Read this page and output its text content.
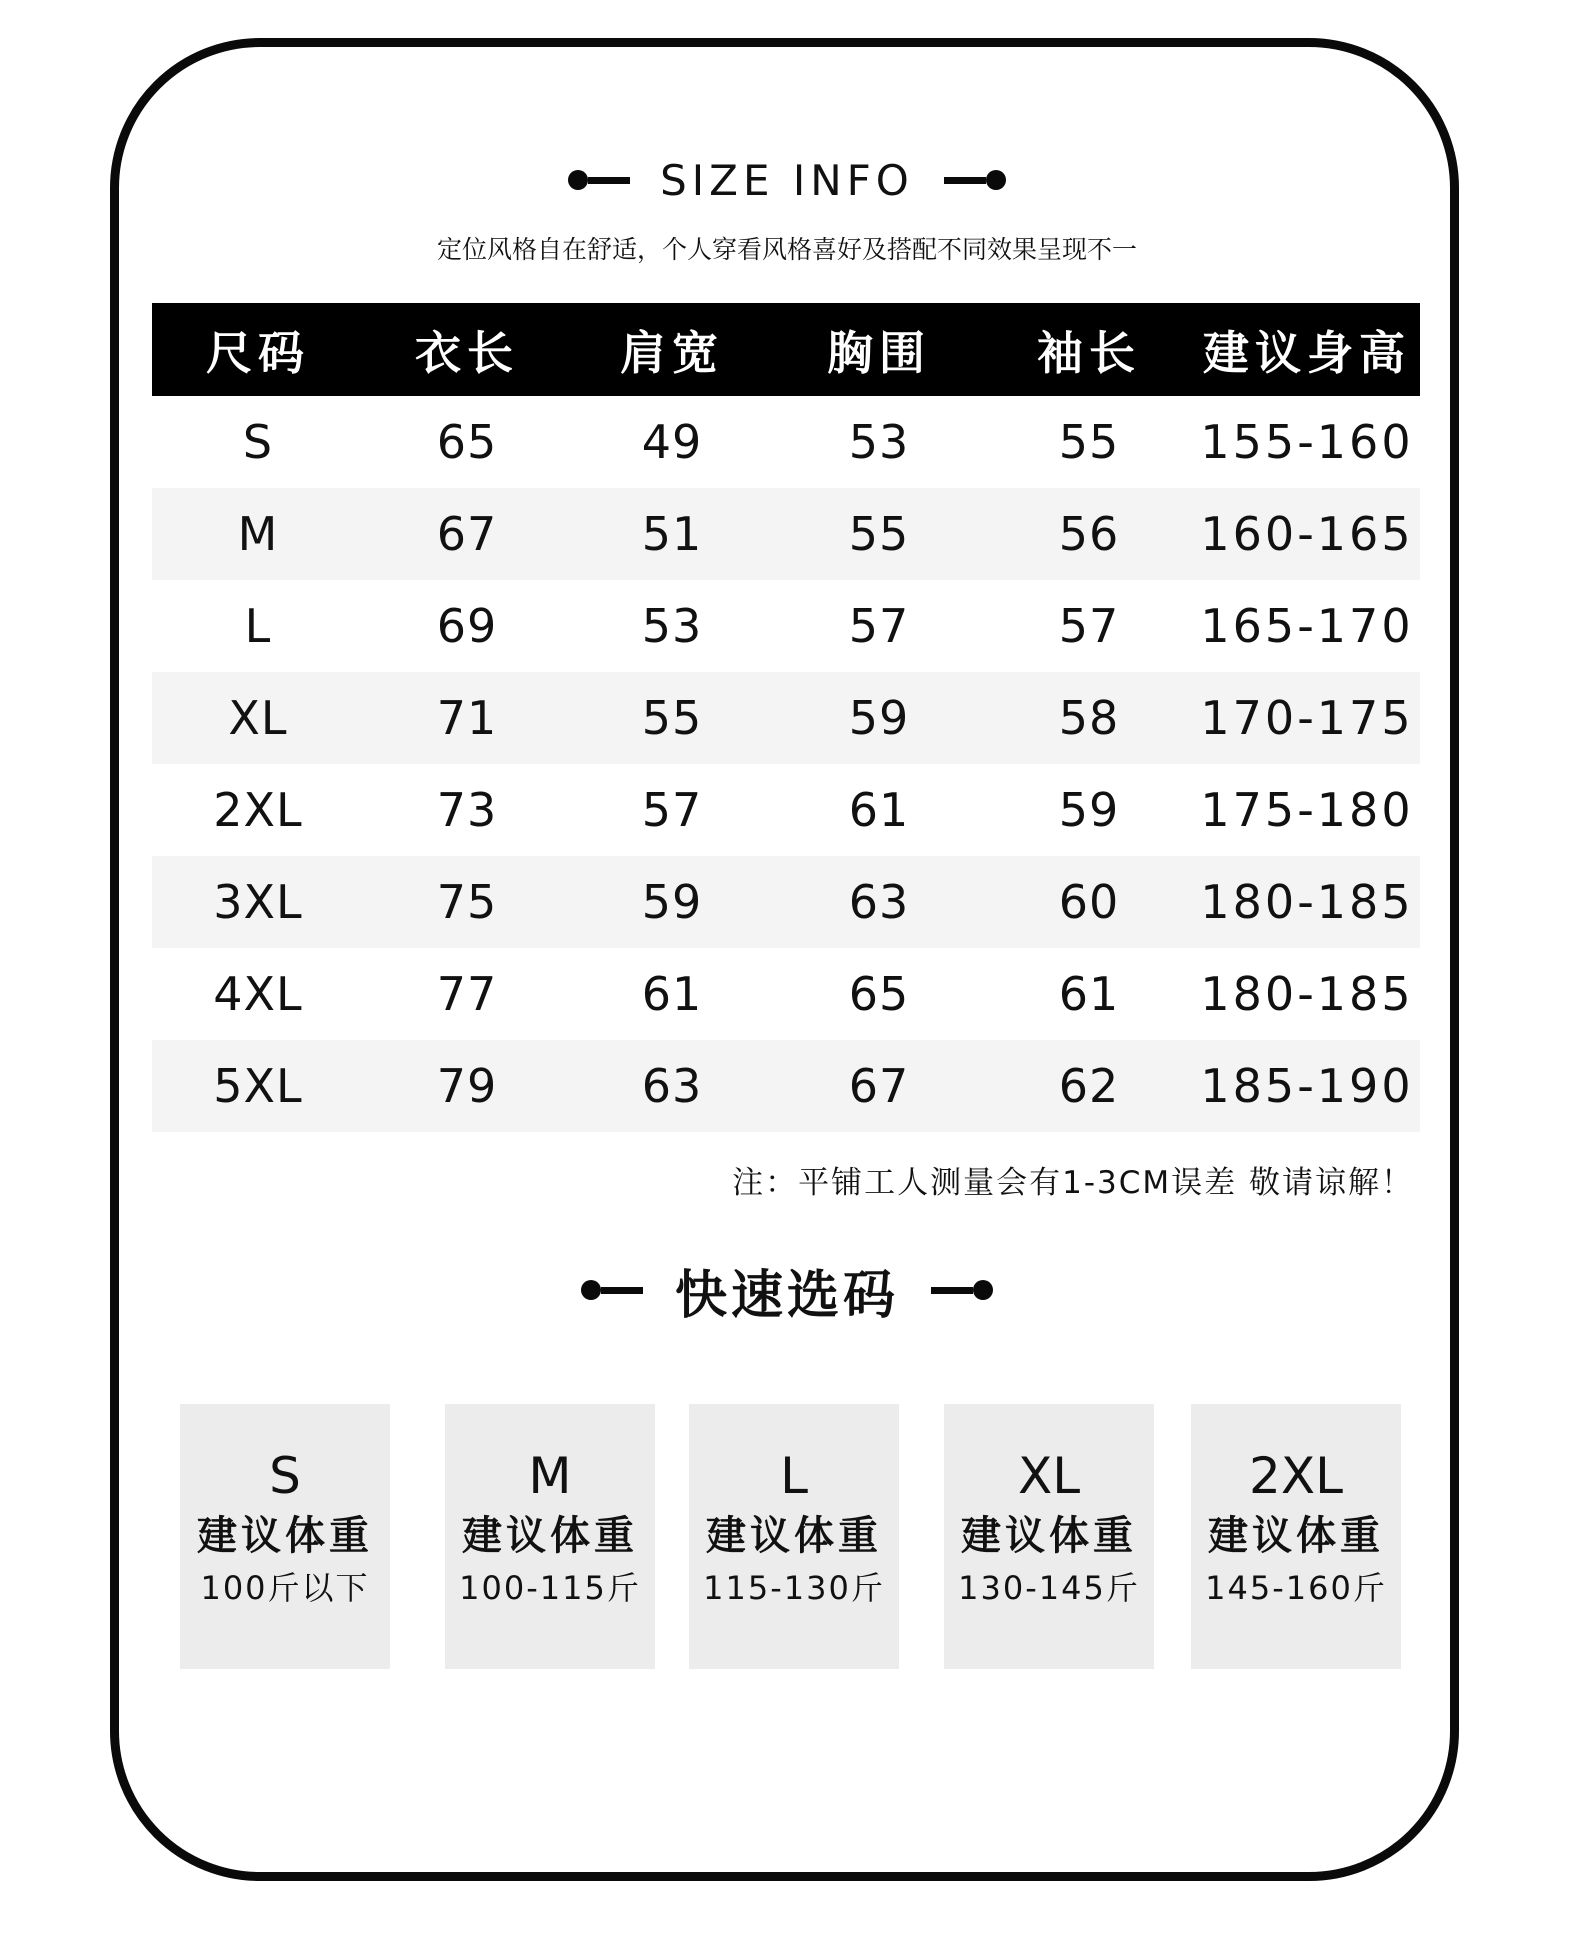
SIZE INFO
定位风格自在舒适，个人穿看风格喜好及搭配不同效果呈现不一
尺码	衣长	肩宽	胸围	袖长	建议身高
S	65	49	53	55	155-160
M	67	51	55	56	160-165
L	69	53	57	57	165-170
XL	71	55	59	58	170-175
2XL	73	57	61	59	175-180
3XL	75	59	63	60	180-185
4XL	77	61	65	61	180-185
5XL	79	63	67	62	185-190
注：平铺工人测量会有1-3CM误差 敬请谅解！
快速选码
S
建议体重
100斤以下
M
建议体重
100-115斤
L
建议体重
115-130斤
XL
建议体重
130-145斤
2XL
建议体重
145-160斤
